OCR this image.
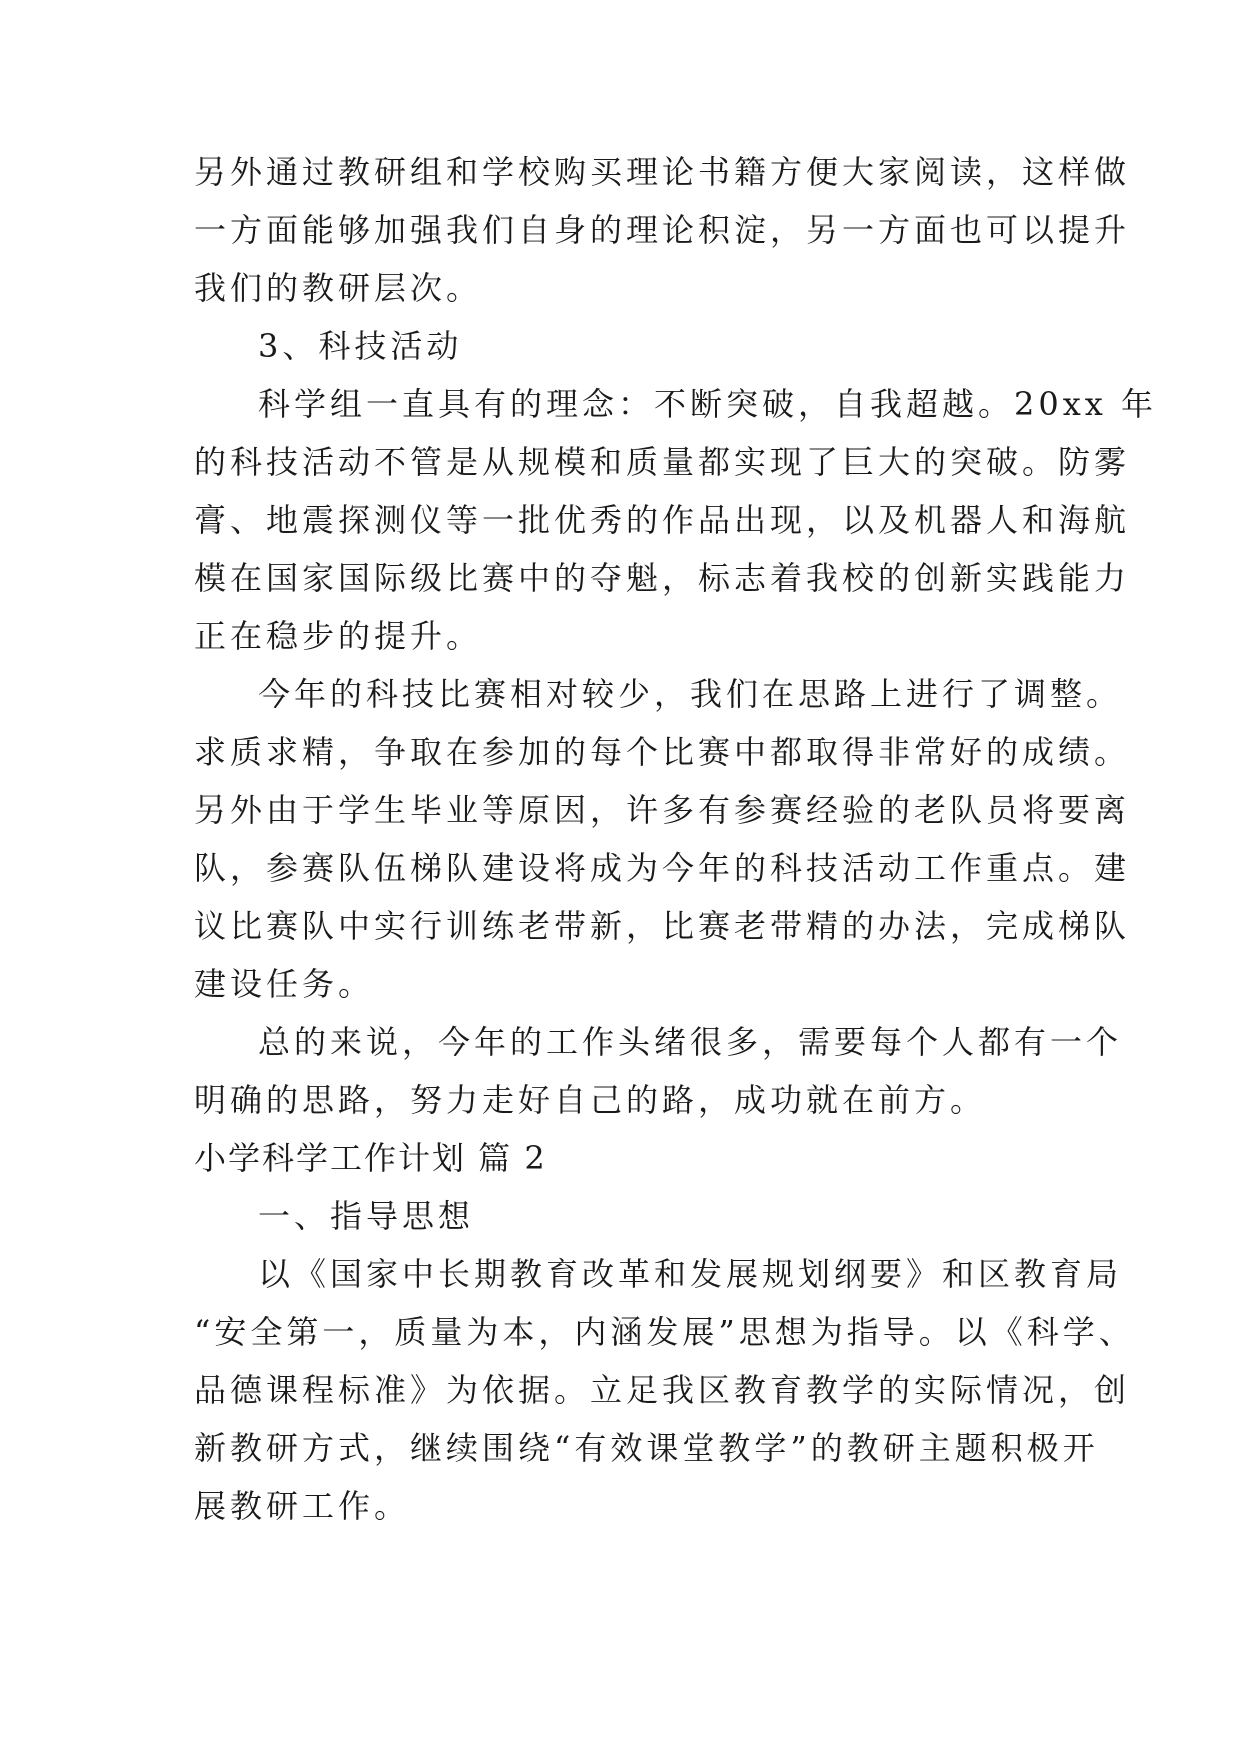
另外通过教研组和学校购买理论书籍方便大家阅读，这样做
一方面能够加强我们自身的理论积淀，另一方面也可以提升
我们的教研层次。
3、科技活动
科学组一直具有的理念：不断突破，自我超越。20xx 年
的科技活动不管是从规模和质量都实现了巨大的突破。防雾
膏、地震探测仪等一批优秀的作品出现，以及机器人和海航
模在国家国际级比赛中的夺魁，标志着我校的创新实践能力
正在稳步的提升。
今年的科技比赛相对较少，我们在思路上进行了调整。
求质求精，争取在参加的每个比赛中都取得非常好的成绩。
另外由于学生毕业等原因，许多有参赛经验的老队员将要离
队，参赛队伍梯队建设将成为今年的科技活动工作重点。建
议比赛队中实行训练老带新，比赛老带精的办法，完成梯队
建设任务。
总的来说，今年的工作头绪很多，需要每个人都有一个
明确的思路，努力走好自己的路，成功就在前方。
小学科学工作计划 篇 2
一、指导思想
以《国家中长期教育改革和发展规划纲要》和区教育局
“安全第一，质量为本，内涵发展”思想为指导。以《科学、
品德课程标准》为依据。立足我区教育教学的实际情况，创
新教研方式，继续围绕“有效课堂教学”的教研主题积极开
展教研工作。
